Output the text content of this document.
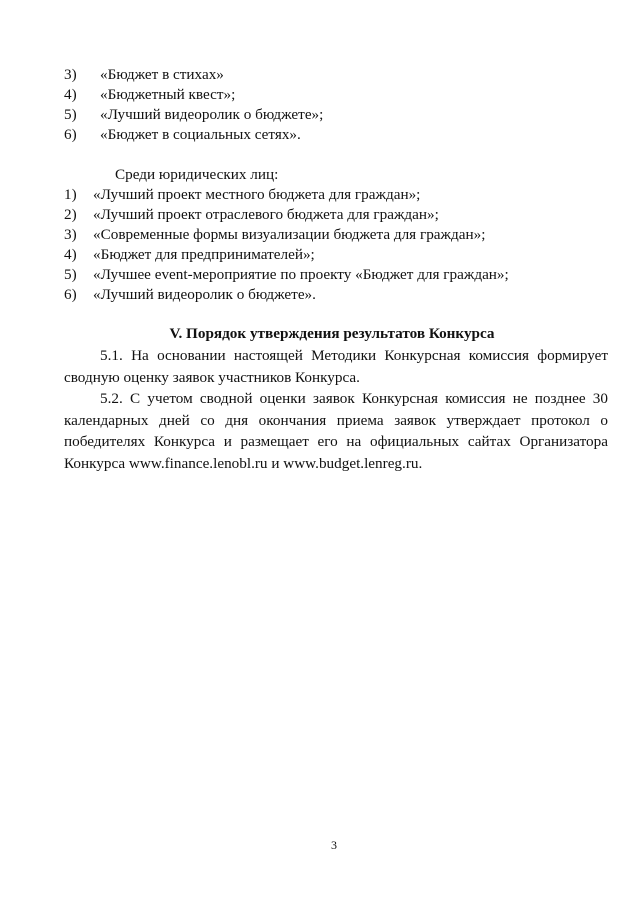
3) «Бюджет в стихах»
4) «Бюджетный квест»;
5) «Лучший видеоролик о бюджете»;
6) «Бюджет в социальных сетях».
Среди юридических лиц:
1) «Лучший проект местного бюджета для граждан»;
2) «Лучший проект отраслевого бюджета для граждан»;
3) «Современные формы визуализации бюджета для граждан»;
4) «Бюджет для предпринимателей»;
5) «Лучшее event-мероприятие по проекту «Бюджет для граждан»;
6) «Лучший видеоролик о бюджете».
V. Порядок утверждения результатов Конкурса

5.1. На основании настоящей Методики Конкурсная комиссия формирует сводную оценку заявок участников Конкурса.

5.2. С учетом сводной оценки заявок Конкурсная комиссия не позднее 30 календарных дней со дня окончания приема заявок утверждает протокол о победителях Конкурса и размещает его на официальных сайтах Организатора Конкурса www.finance.lenobl.ru и www.budget.lenreg.ru.

3
